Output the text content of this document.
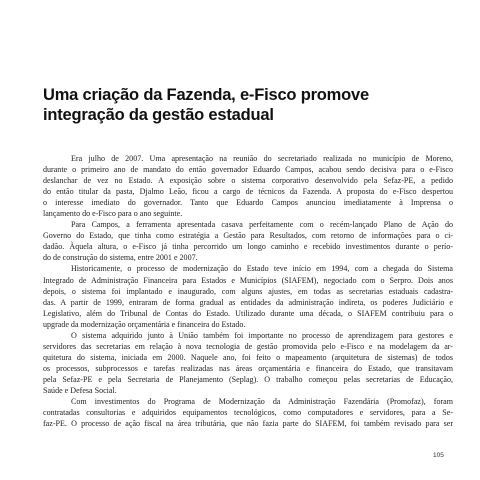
Uma criação da Fazenda, e-Fisco promove
integração da gestão estadual
Era julho de 2007. Uma apresentação na reunião do secretariado realizada no município de Moreno,
durante o primeiro ano de mandato do então governador Eduardo Campos, acabou sendo decisiva para o e-Fisco
deslanchar de vez no Estado. A exposição sobre o sistema corporativo desenvolvido pela Sefaz-PE, a pedido
do então titular da pasta, Djalmo Leão, ficou a cargo de técnicos da Fazenda. A proposta do e-Fisco despertou
o interesse imediato do governador. Tanto que Eduardo Campos anunciou imediatamente à Imprensa o
lançamento do e-Fisco para o ano seguinte.
Para Campos, a ferramenta apresentada casava perfeitamente com o recém-lançado Plano de Ação do
Governo do Estado, que tinha como estratégia a Gestão para Resultados, com retorno de informações para o ci-
dadão. Àquela altura, o e-Fisco já tinha percorrido um longo caminho e recebido investimentos durante o perío-
do de construção do sistema, entre 2001 e 2007.
Historicamente, o processo de modernização do Estado teve início em 1994, com a chegada do Sistema
Integrado de Administração Financeira para Estados e Municípios (SIAFEM), negociado com o Serpro. Dois anos
depois, o sistema foi implantado e inaugurado, com alguns ajustes, em todas as secretarias estaduais cadastra-
das. A partir de 1999, entraram de forma gradual as entidades da administração indireta, os poderes Judiciário e
Legislativo, além do Tribunal de Contas do Estado. Utilizado durante uma década, o SIAFEM contribuiu para o
upgrade da modernização orçamentária e financeira do Estado.
O sistema adquirido junto à União também foi importante no processo de aprendizagem para gestores e
servidores das secretarias em relação à nova tecnologia de gestão promovida pelo e-Fisco e na modelagem da ar-
quitetura do sistema, iniciada em 2000. Naquele ano, foi feito o mapeamento (arquitetura de sistemas) de todos
os processos, subprocessos e tarefas realizadas nas áreas orçamentária e financeira do Estado, que transitavam
pela Sefaz-PE e pela Secretaria de Planejamento (Seplag). O trabalho começou pelas secretarias de Educação,
Saúde e Defesa Social.
Com investimentos do Programa de Modernização da Administração Fazendária (Promofaz), foram
contratadas consultorias e adquiridos equipamentos tecnológicos, como computadores e servidores, para a Se-
faz-PE. O processo de ação fiscal na área tributária, que não fazia parte do SIAFEM, foi também revisado para ser
105
